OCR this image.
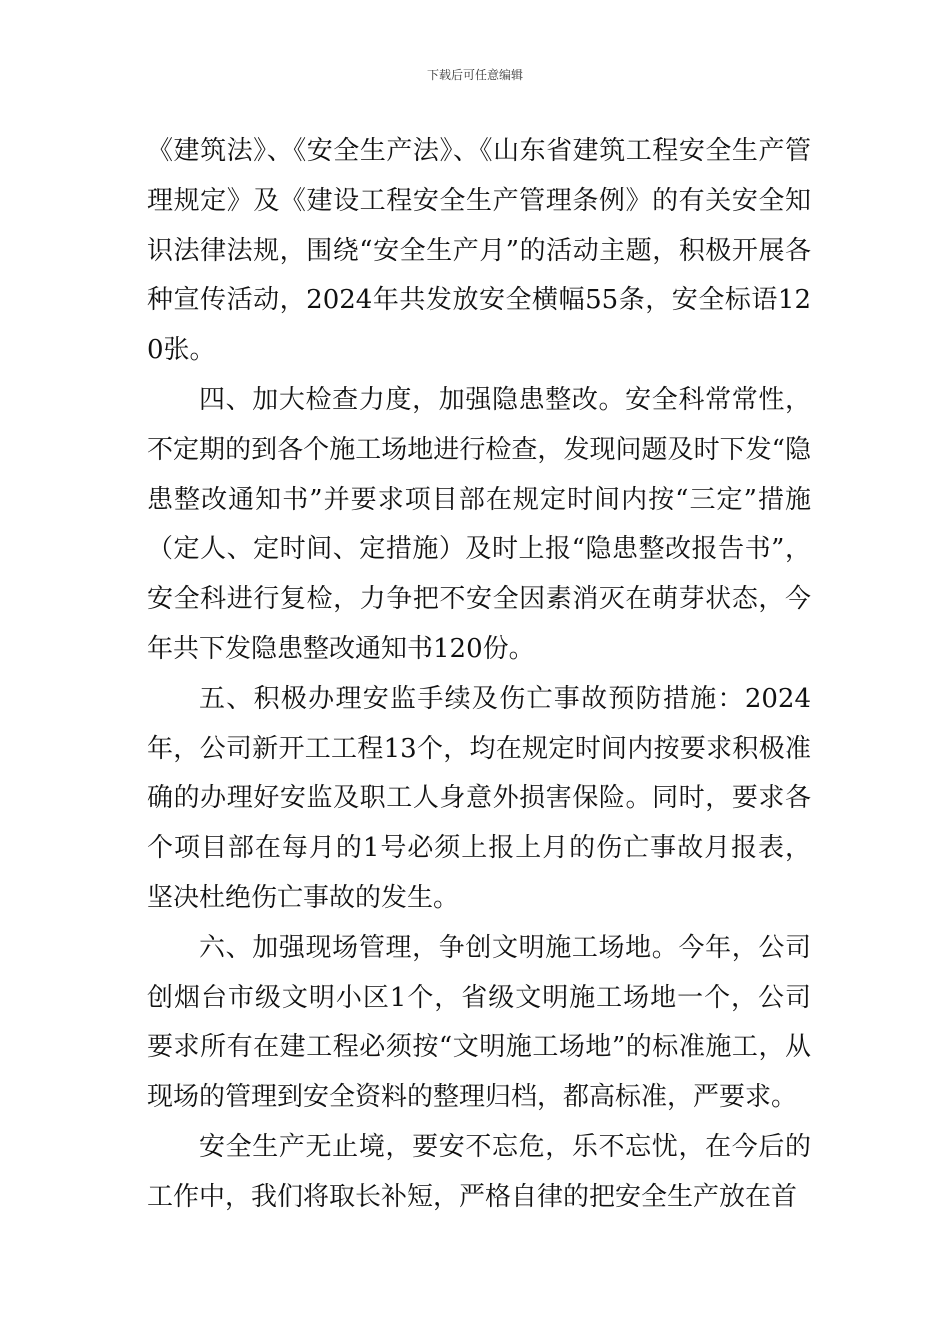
下载后可任意编辑

《建筑法》、《安全生产法》、《山东省建筑工程安全生产管理规定》及《建设工程安全生产管理条例》的有关安全知识法律法规，围绕“安全生产月”的活动主题，积极开展各种宣传活动，2024年共发放安全横幅55条，安全标语120张。

四、加大检查力度，加强隐患整改。安全科常常性，不定期的到各个施工场地进行检查，发现问题及时下发“隐患整改通知书”并要求项目部在规定时间内按“三定”措施（定人、定时间、定措施）及时上报“隐患整改报告书”，安全科进行复检，力争把不安全因素消灭在萌芽状态，今年共下发隐患整改通知书120份。

五、积极办理安监手续及伤亡事故预防措施：2024年，公司新开工工程13个，均在规定时间内按要求积极准确的办理好安监及职工人身意外损害保险。同时，要求各个项目部在每月的1号必须上报上月的伤亡事故月报表，坚决杜绝伤亡事故的发生。

六、加强现场管理，争创文明施工场地。今年，公司创烟台市级文明小区1个，省级文明施工场地一个，公司要求所有在建工程必须按“文明施工场地”的标准施工，从现场的管理到安全资料的整理归档，都高标准，严要求。

安全生产无止境，要安不忘危，乐不忘忧，在今后的工作中，我们将取长补短，严格自律的把安全生产放在首
